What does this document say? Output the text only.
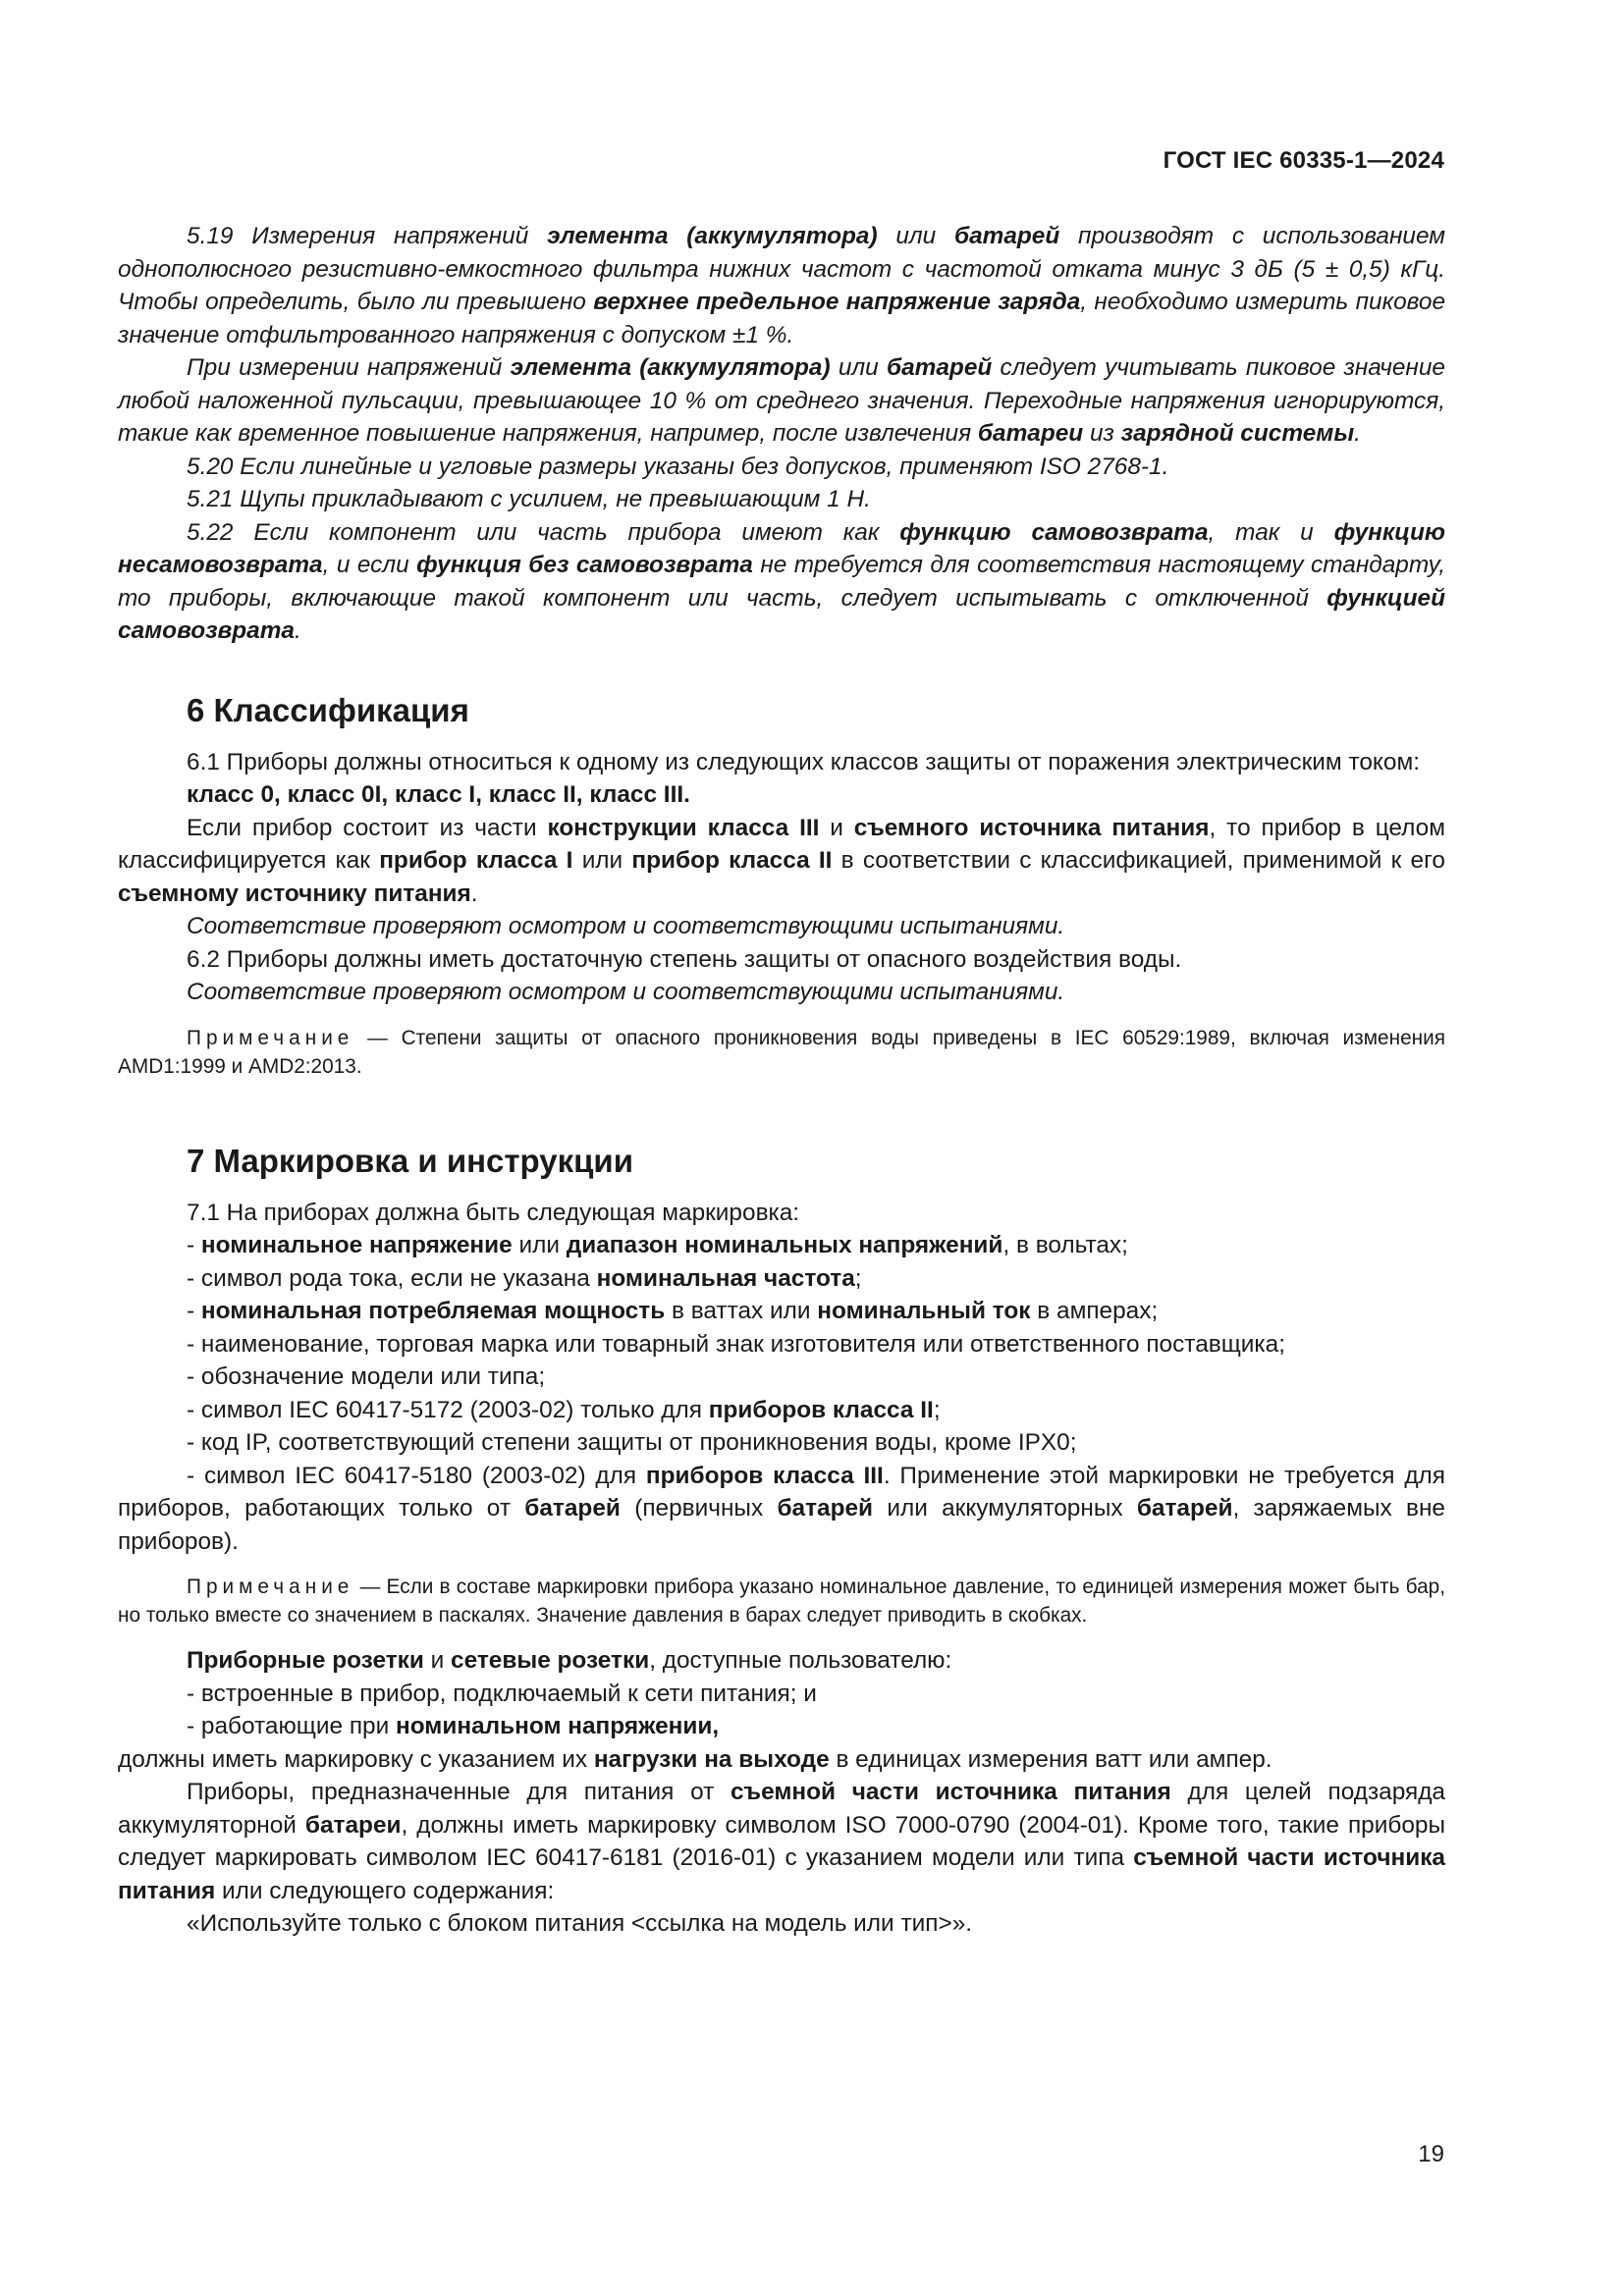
ГОСТ IEC 60335-1—2024

5.19 Измерения напряжений элемента (аккумулятора) или батарей производят с использованием однополюсного резистивно-емкостного фильтра нижних частот с частотой отката минус 3 дБ (5 ± 0,5) кГц. Чтобы определить, было ли превышено верхнее предельное напряжение заряда, необходимо измерить пиковое значение отфильтрованного напряжения с допуском ±1 %.

При измерении напряжений элемента (аккумулятора) или батарей следует учитывать пиковое значение любой наложенной пульсации, превышающее 10 % от среднего значения. Переходные напряжения игнорируются, такие как временное повышение напряжения, например, после извлечения батареи из зарядной системы.

5.20 Если линейные и угловые размеры указаны без допусков, применяют ISO 2768-1.

5.21 Щупы прикладывают с усилием, не превышающим 1 Н.

5.22 Если компонент или часть прибора имеют как функцию самовозврата, так и функцию несамовозврата, и если функция без самовозврата не требуется для соответствия настоящему стандарту, то приборы, включающие такой компонент или часть, следует испытывать с отключенной функцией самовозврата.

6 Классификация

6.1 Приборы должны относиться к одному из следующих классов защиты от поражения электрическим током:

класс 0, класс 0I, класс I, класс II, класс III.

Если прибор состоит из части конструкции класса III и съемного источника питания, то прибор в целом классифицируется как прибор класса I или прибор класса II в соответствии с классификацией, применимой к его съемному источнику питания.

Соответствие проверяют осмотром и соответствующими испытаниями.

6.2 Приборы должны иметь достаточную степень защиты от опасного воздействия воды.

Соответствие проверяют осмотром и соответствующими испытаниями.

Примечание — Степени защиты от опасного проникновения воды приведены в IEC 60529:1989, включая изменения AMD1:1999 и AMD2:2013.

7 Маркировка и инструкции

7.1 На приборах должна быть следующая маркировка:

- номинальное напряжение или диапазон номинальных напряжений, в вольтах;

- символ рода тока, если не указана номинальная частота;

- номинальная потребляемая мощность в ваттах или номинальный ток в амперах;

- наименование, торговая марка или товарный знак изготовителя или ответственного поставщика;

- обозначение модели или типа;

- символ IEC 60417-5172 (2003-02) только для приборов класса II;

- код IP, соответствующий степени защиты от проникновения воды, кроме IPX0;

- символ IEC 60417-5180 (2003-02) для приборов класса III. Применение этой маркировки не требуется для приборов, работающих только от батарей (первичных батарей или аккумуляторных батарей, заряжаемых вне приборов).

Примечание — Если в составе маркировки прибора указано номинальное давление, то единицей измерения может быть бар, но только вместе со значением в паскалях. Значение давления в барах следует приводить в скобках.

Приборные розетки и сетевые розетки, доступные пользователю:

- встроенные в прибор, подключаемый к сети питания; и

- работающие при номинальном напряжении,

должны иметь маркировку с указанием их нагрузки на выходе в единицах измерения ватт или ампер.

Приборы, предназначенные для питания от съемной части источника питания для целей подзаряда аккумуляторной батареи, должны иметь маркировку символом ISO 7000-0790 (2004-01). Кроме того, такие приборы следует маркировать символом IEC 60417-6181 (2016-01) с указанием модели или типа съемной части источника питания или следующего содержания:

«Используйте только с блоком питания <ссылка на модель или тип>».

19
